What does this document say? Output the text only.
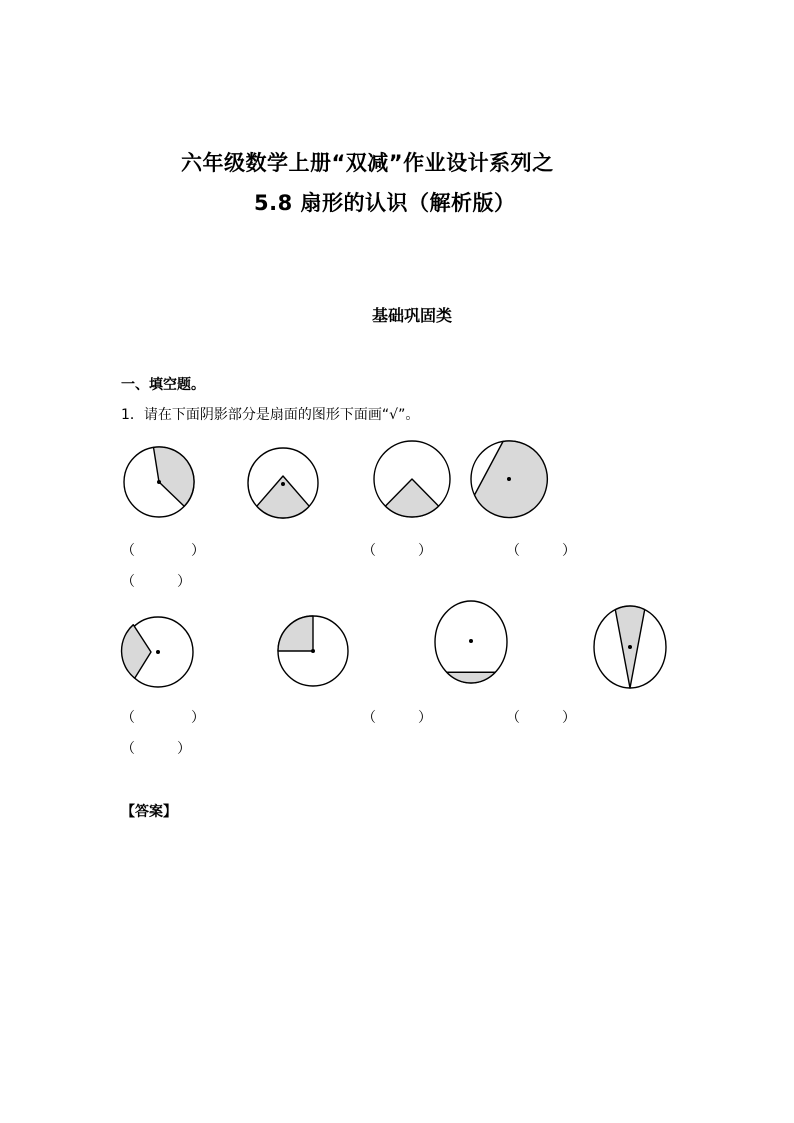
六年级数学上册“双减”作业设计系列之
5.8 扇形的认识（解析版）
基础巩固类
一、填空题。
1．请在下面阴影部分是扇面的图形下面画“√”。
（　　　　）	（　　　）	（　　　）
（　　　）
（　　　　）	（　　　）	（　　　）
（　　　）
【答案】
